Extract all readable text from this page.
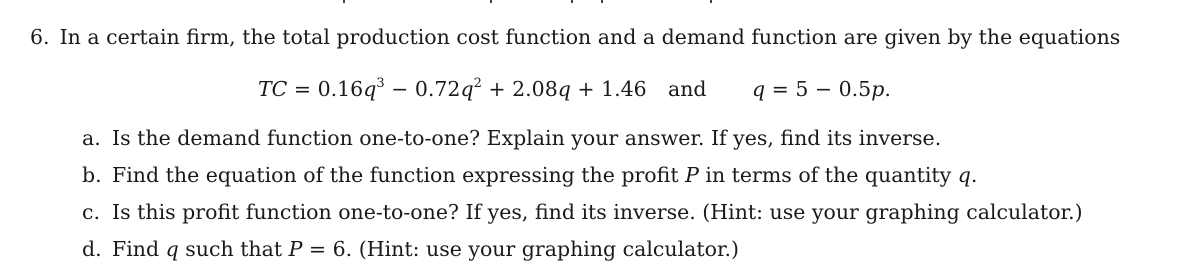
6. In a certain firm, the total production cost function and a demand function are given by the equations
TC = $0.16q^3 - 0.72q^2 + 2.08q + 1.46$ and q = 5 − 0.5p.
a. Is the demand function one-to-one? Explain your answer. If yes, find its inverse.
b. Find the equation of the function expressing the profit P in terms of the quantity q.
c. Is this profit function one-to-one? If yes, find its inverse. (Hint: use your graphing calculator.)
d. Find q such that P = 6. (Hint: use your graphing calculator.)
